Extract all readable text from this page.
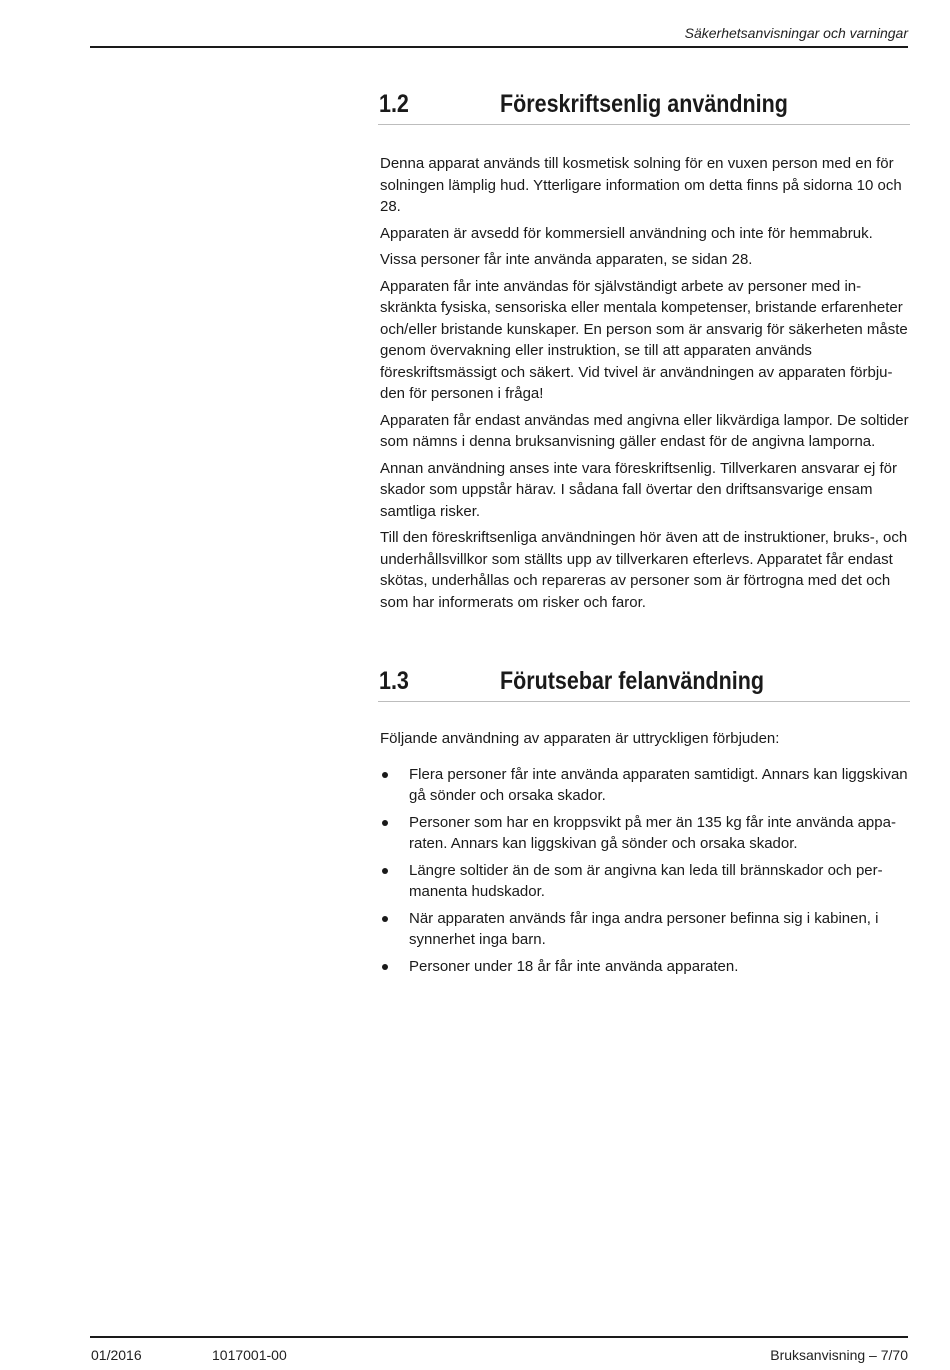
Säkerhetsanvisningar och varningar
1.2	Föreskriftsenlig användning

Denna apparat används till kosmetisk solning för en vuxen person med en för solningen lämplig hud. Ytterligare information om detta finns på sidorna 10 och 28.

Apparaten är avsedd för kommersiell användning och inte för hemmabruk.

Vissa personer får inte använda apparaten, se sidan 28.

Apparaten får inte användas för självständigt arbete av personer med inskränkta fysiska, sensoriska eller mentala kompetenser, bristande erfarenheter och/eller bristande kunskaper. En person som är ansvarig för säkerheten måste genom övervakning eller instruktion, se till att apparaten används föreskriftsmässigt och säkert. Vid tvivel är användningen av apparaten förbjuden för personen i fråga!

Apparaten får endast användas med angivna eller likvärdiga lampor. De soltider som nämns i denna bruksanvisning gäller endast för de angivna lamporna.

Annan användning anses inte vara föreskriftsenlig. Tillverkaren ansvarar ej för skador som uppstår härav. I sådana fall övertar den driftsansvarige ensam samtliga risker.

Till den föreskriftsenliga användningen hör även att de instruktioner, bruks-, och underhållsvillkor som ställts upp av tillverkaren efterlevs. Apparatet får endast skötas, underhållas och repareras av personer som är förtrogna med det och som har informerats om risker och faror.

1.3	Förutsebar felanvändning

Följande användning av apparaten är uttryckligen förbjuden:

Flera personer får inte använda apparaten samtidigt. Annars kan liggskivan gå sönder och orsaka skador.
Personer som har en kroppsvikt på mer än 135 kg får inte använda apparaten. Annars kan liggskivan gå sönder och orsaka skador.
Längre soltider än de som är angivna kan leda till brännskador och permanenta hudskador.
När apparaten används får inga andra personer befinna sig i kabinen, i synnerhet inga barn.
Personer under 18 år får inte använda apparaten.
01/2016	1017001-00	Bruksanvisning – 7/70
